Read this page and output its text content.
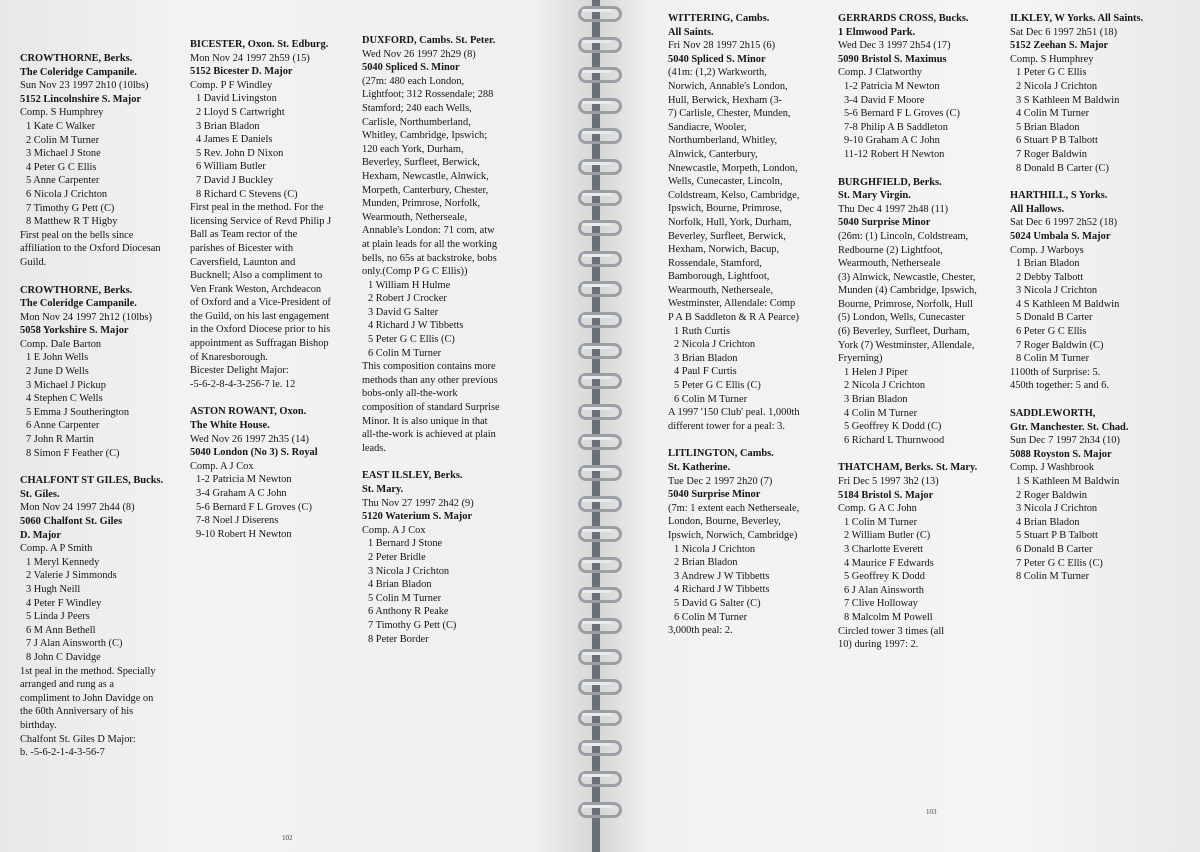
CROWTHORNE, Berks.
The Coleridge Campanile.
Sun Nov 23 1997 2h10 (10lbs)
5152 Lincolnshire S. Major
Comp. S Humphrey
1 Kate C Walker
2 Colin M Turner
3 Michael J Stone
4 Peter G C Ellis
5 Anne Carpenter
6 Nicola J Crichton
7 Timothy G Pett (C)
8 Matthew R T Higby
First peal on the bells since
affiliation to the Oxford Diocesan
Guild.
CROWTHORNE, Berks.
The Coleridge Campanile.
Mon Nov 24 1997 2h12 (10lbs)
5058 Yorkshire S. Major
Comp. Dale Barton
1 E John Wells
2 June D Wells
3 Michael J Pickup
4 Stephen C Wells
5 Emma J Southerington
6 Anne Carpenter
7 John R Martin
8 Simon F Feather (C)
CHALFONT ST GILES, Bucks.
St. Giles.
Mon Nov 24 1997 2h44 (8)
5060 Chalfont St. Giles
D. Major
Comp. A P Smith
1 Meryl Kennedy
2 Valerie J Simmonds
3 Hugh Neill
4 Peter F Windley
5 Linda J Peers
6 M Ann Bethell
7 J Alan Ainsworth (C)
8 John C Davidge
1st peal in the method. Specially
arranged and rung as a
compliment to John Davidge on
the 60th Anniversary of his
birthday.
Chalfont St. Giles D Major:
b. -5-6-2-1-4-3-56-7
BICESTER, Oxon. St. Edburg.
Mon Nov 24 1997 2h59 (15)
5152 Bicester D. Major
Comp. P F Windley
1 David Livingston
2 Lloyd S Cartwright
3 Brian Bladon
4 James E Daniels
5 Rev. John D Nixon
6 William Butler
7 David J Buckley
8 Richard C Stevens (C)
First peal in the method. For the
licensing Service of Revd Philip J
Ball as Team rector of the
parishes of Bicester with
Caversfield, Launton and
Bucknell; Also a compliment to
Ven Frank Weston, Archdeacon
of Oxford and a Vice-President of
the Guild, on his last engagement
in the Oxford Diocese prior to his
appointment as Suffragan Bishop
of Knaresborough.
Bicester Delight Major:
-5-6-2-8-4-3-256-7 le. 12
ASTON ROWANT, Oxon.
The White House.
Wed Nov 26 1997 2h35 (14)
5040 London (No 3) S. Royal
Comp. A J Cox
1-2 Patricia M Newton
3-4 Graham A C John
5-6 Bernard F L Groves (C)
7-8 Noel J Diserens
9-10 Robert H Newton
DUXFORD, Cambs. St. Peter.
Wed Nov 26 1997 2h29 (8)
5040 Spliced S. Minor
(27m: 480 each London,
Lightfoot; 312 Rossendale; 288
Stamford; 240 each Wells,
Carlisle, Northumberland,
Whitley, Cambridge, Ipswich;
120 each York, Durham,
Beverley, Surfleet, Berwick,
Hexham, Newcastle, Alnwick,
Morpeth, Canterbury, Chester,
Munden, Primrose, Norfolk,
Wearmouth, Netherseale,
Annable's London: 71 com, atw
at plain leads for all the working
bells, no 65s at backstroke, bobs
only.(Comp P G C Ellis))
1 William H Hulme
2 Robert J Crocker
3 David G Salter
4 Richard J W Tibbetts
5 Peter G C Ellis (C)
6 Colin M Turner
This composition contains more
methods than any other previous
bobs-only all-the-work
composition of standard Surprise
Minor. It is also unique in that
all-the-work is achieved at plain
leads.
EAST ILSLEY, Berks.
St. Mary.
Thu Nov 27 1997 2h42 (9)
5120 Waterium S. Major
Comp. A J Cox
1 Bernard J Stone
2 Peter Bridle
3 Nicola J Crichton
4 Brian Bladon
5 Colin M Turner
6 Anthony R Peake
7 Timothy G Pett (C)
8 Peter Border
102
WITTERING, Cambs.
All Saints.
Fri Nov 28 1997 2h15 (6)
5040 Spliced S. Minor
(41m: (1,2) Warkworth,
Norwich, Annable's London,
Hull, Berwick, Hexham (3-
7) Carlisle, Chester, Munden,
Sandiacre, Wooler,
Northumberland, Whitley,
Alnwick, Canterbury,
Nnewcastle, Morpeth, London,
Wells, Cunecaster, Lincoln,
Coldstream, Kelso, Cambridge,
Ipswich, Bourne, Primrose,
Norfolk, Hull, York, Durham,
Beverley, Surfleet, Berwick,
Hexham, Norwich, Bacup,
Rossendale, Stamford,
Bamborough, Lightfoot,
Wearmouth, Netherseale,
Westminster, Allendale: Comp
P A B Saddleton & R A Pearce)
1 Ruth Curtis
2 Nicola J Crichton
3 Brian Bladon
4 Paul F Curtis
5 Peter G C Ellis (C)
6 Colin M Turner
A 1997 '150 Club' peal. 1,000th
different tower for a peal: 3.
LITLINGTON, Cambs.
St. Katherine.
Tue Dec 2 1997 2h20 (7)
5040 Surprise Minor
(7m: 1 extent each Netherseale,
London, Bourne, Beverley,
Ipswich, Norwich, Cambridge)
1 Nicola J Crichton
2 Brian Bladon
3 Andrew J W Tibbetts
4 Richard J W Tibbetts
5 David G Salter (C)
6 Colin M Turner
3,000th peal: 2.
GERRARDS CROSS, Bucks.
1 Elmwood Park.
Wed Dec 3 1997 2h54 (17)
5090 Bristol S. Maximus
Comp. J Clatworthy
1-2 Patricia M Newton
3-4 David F Moore
5-6 Bernard F L Groves (C)
7-8 Philip A B Saddleton
9-10 Graham A C John
11-12 Robert H Newton
BURGHFIELD, Berks.
St. Mary Virgin.
Thu Dec 4 1997 2h48 (11)
5040 Surprise Minor
(26m: (1) Lincoln, Coldstream,
Redbourne (2) Lightfoot,
Wearmouth, Netherseale
(3) Alnwick, Newcastle, Chester,
Munden (4) Cambridge, Ipswich,
Bourne, Primrose, Norfolk, Hull
(5) London, Wells, Cunecaster
(6) Beverley, Surfleet, Durham,
York (7) Westminster, Allendale,
Fryerning)
1 Helen J Piper
2 Nicola J Crichton
3 Brian Bladon
4 Colin M Turner
5 Geoffrey K Dodd (C)
6 Richard L Thurnwood
THATCHAM, Berks. St. Mary.
Fri Dec 5 1997 3h2 (13)
5184 Bristol S. Major
Comp. G A C John
1 Colin M Turner
2 William Butler (C)
3 Charlotte Everett
4 Maurice F Edwards
5 Geoffrey K Dodd
6 J Alan Ainsworth
7 Clive Holloway
8 Malcolm M Powell
Circled tower 3 times (all
10) during 1997: 2.
ILKLEY, W Yorks. All Saints.
Sat Dec 6 1997 2h51 (18)
5152 Zeehan S. Major
Comp. S Humphrey
1 Peter G C Ellis
2 Nicola J Crichton
3 S Kathleen M Baldwin
4 Colin M Turner
5 Brian Bladon
6 Stuart P B Talbott
7 Roger Baldwin
8 Donald B Carter (C)
HARTHILL, S Yorks.
All Hallows.
Sat Dec 6 1997 2h52 (18)
5024 Umbala S. Major
Comp. J Warboys
1 Brian Bladon
2 Debby Talbott
3 Nicola J Crichton
4 S Kathleen M Baldwin
5 Donald B Carter
6 Peter G C Ellis
7 Roger Baldwin (C)
8 Colin M Turner
1100th of Surprise: 5.
450th together: 5 and 6.
SADDLEWORTH,
Gtr. Manchester. St. Chad.
Sun Dec 7 1997 2h34 (10)
5088 Royston S. Major
Comp. J Washbrook
1 S Kathleen M Baldwin
2 Roger Baldwin
3 Nicola J Crichton
4 Brian Bladon
5 Stuart P B Talbott
6 Donald B Carter
7 Peter G C Ellis (C)
8 Colin M Turner
103
